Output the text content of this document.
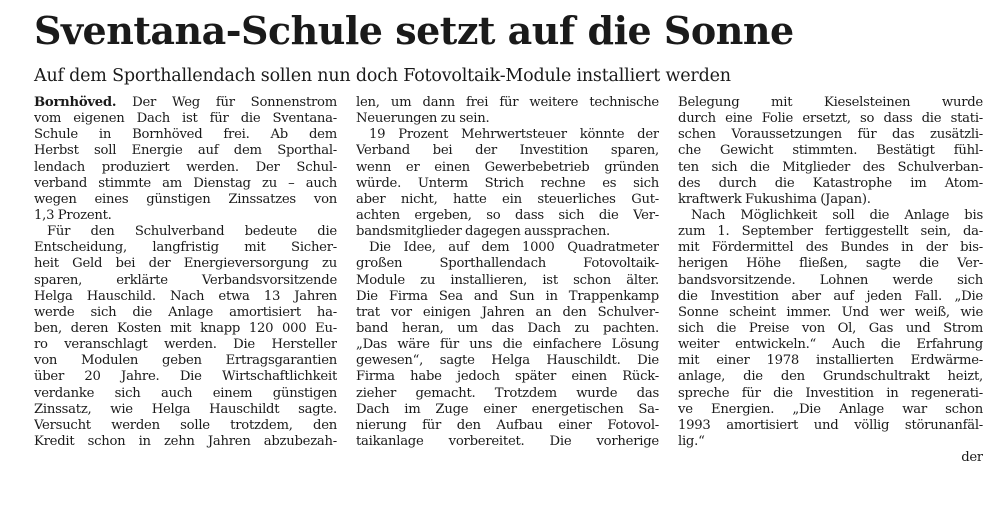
Sventana-Schule setzt auf die Sonne
Auf dem Sporthallendach sollen nun doch Fotovoltaik-Module installiert werden
Bornhöved. Der Weg für Sonnenstrom
vom eigenen Dach ist für die Sventana-
Schule in Bornhöved frei. Ab dem
Herbst soll Energie auf dem Sporthal-
lendach produziert werden. Der Schul-
verband stimmte am Dienstag zu – auch
wegen eines günstigen Zinssatzes von
1,3 Prozent.
Für den Schulverband bedeute die
Entscheidung, langfristig mit Sicher-
heit Geld bei der Energieversorgung zu
sparen, erklärte Verbandsvorsitzende
Helga Hauschild. Nach etwa 13 Jahren
werde sich die Anlage amortisiert ha-
ben, deren Kosten mit knapp 120 000 Eu-
ro veranschlagt werden. Die Hersteller
von Modulen geben Ertragsgarantien
über 20 Jahre. Die Wirtschaftlichkeit
verdanke sich auch einem günstigen
Zinssatz, wie Helga Hauschildt sagte.
Versucht werden solle trotzdem, den
Kredit schon in zehn Jahren abzubezah-
len, um dann frei für weitere technische
Neuerungen zu sein.
19 Prozent Mehrwertsteuer könnte der
Verband bei der Investition sparen,
wenn er einen Gewerbebetrieb gründen
würde. Unterm Strich rechne es sich
aber nicht, hatte ein steuerliches Gut-
achten ergeben, so dass sich die Ver-
bandsmitglieder dagegen aussprachen.
Die Idee, auf dem 1000 Quadratmeter
großen Sporthallendach Fotovoltaik-
Module zu installieren, ist schon älter.
Die Firma Sea and Sun in Trappenkamp
trat vor einigen Jahren an den Schulver-
band heran, um das Dach zu pachten.
„Das wäre für uns die einfachere Lösung
gewesen“, sagte Helga Hauschildt. Die
Firma habe jedoch später einen Rück-
zieher gemacht. Trotzdem wurde das
Dach im Zuge einer energetischen Sa-
nierung für den Aufbau einer Fotovol-
taikanlage vorbereitet. Die vorherige
Belegung mit Kieselsteinen wurde
durch eine Folie ersetzt, so dass die stati-
schen Voraussetzungen für das zusätzli-
che Gewicht stimmten. Bestätigt fühl-
ten sich die Mitglieder des Schulverban-
des durch die Katastrophe im Atom-
kraftwerk Fukushima (Japan).
Nach Möglichkeit soll die Anlage bis
zum 1. September fertiggestellt sein, da-
mit Fördermittel des Bundes in der bis-
herigen Höhe fließen, sagte die Ver-
bandsvorsitzende. Lohnen werde sich
die Investition aber auf jeden Fall. „Die
Sonne scheint immer. Und wer weiß, wie
sich die Preise von Öl, Gas und Strom
weiter entwickeln.“ Auch die Erfahrung
mit einer 1978 installierten Erdwärme-
anlage, die den Grundschultrakt heizt,
spreche für die Investition in regenerati-
ve Energien. „Die Anlage war schon
1993 amortisiert und völlig störunanfäl-
lig.“
der
